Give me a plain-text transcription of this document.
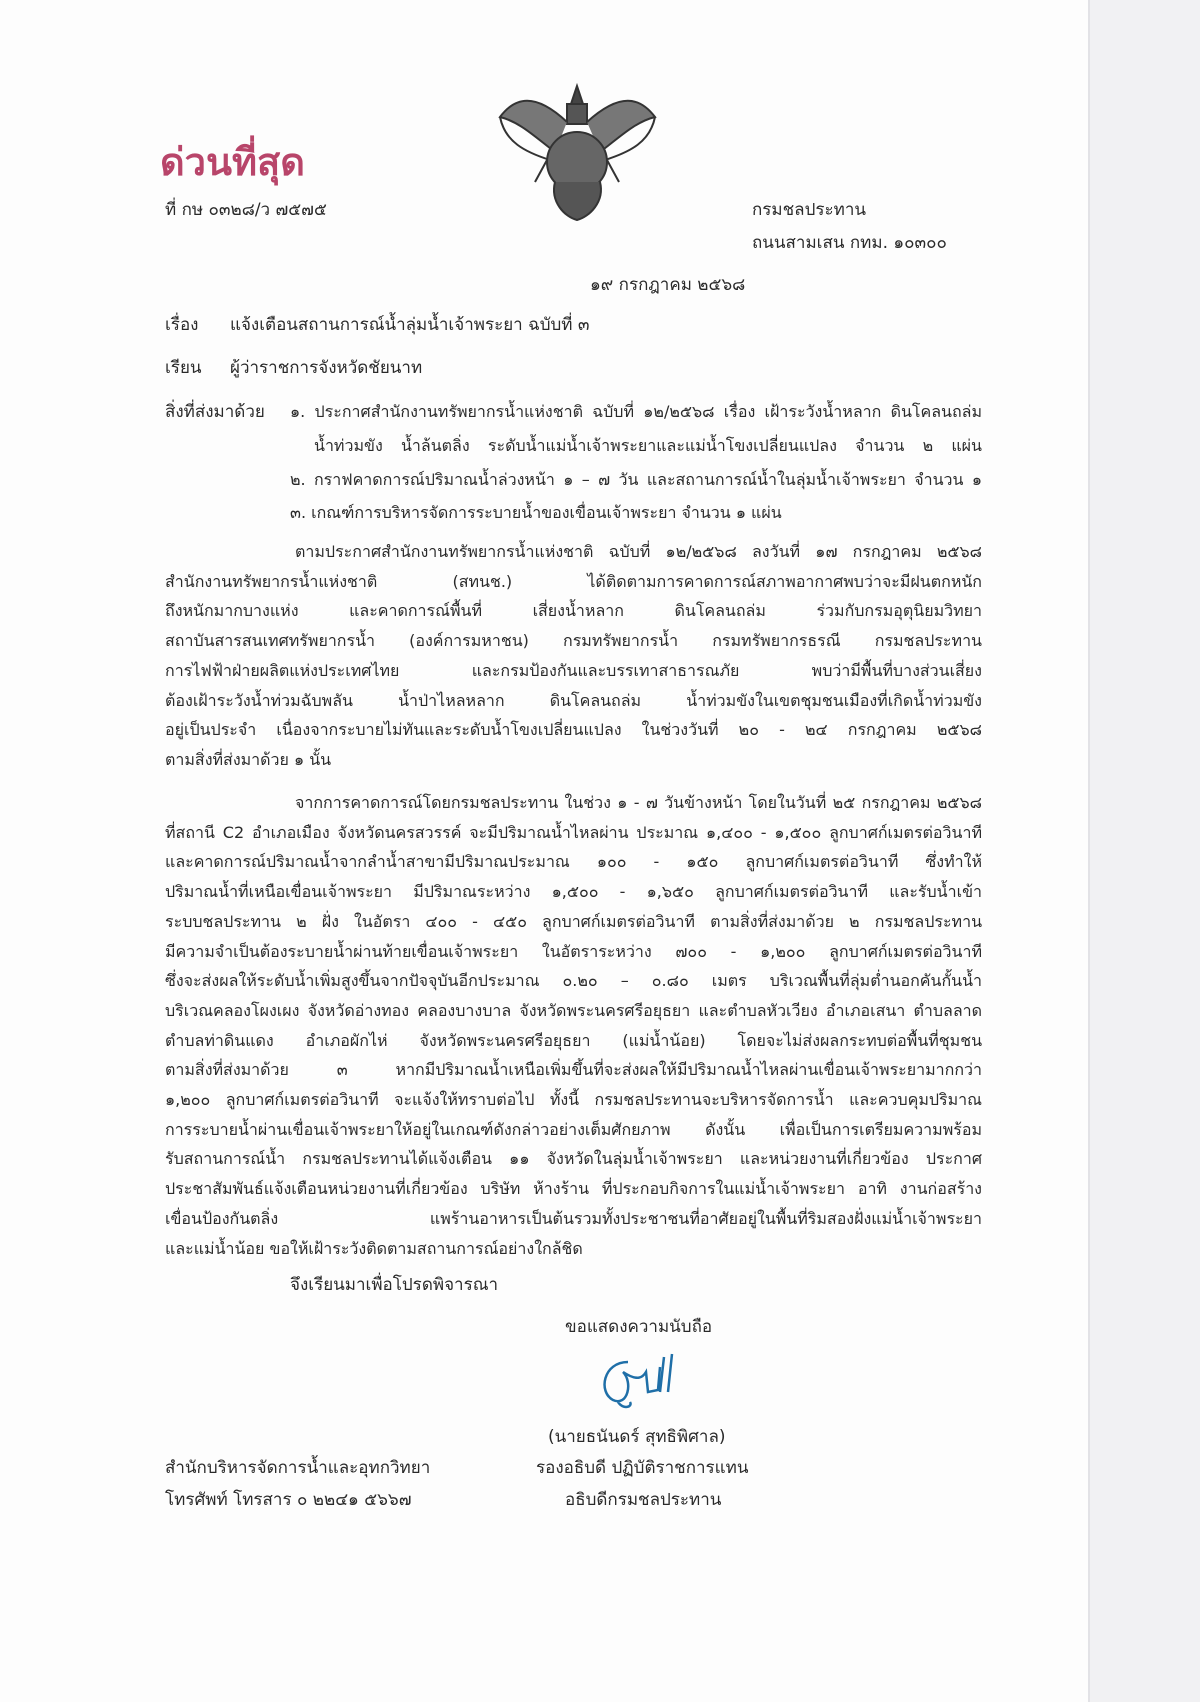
ด่วนที่สุด
ที่ กษ ๐๓๒๘/ว ๗๕๗๕	กรมชลประทาน
ถนนสามเสน กทม. ๑๐๓๐๐
๑๙ กรกฎาคม ๒๕๖๘
เรื่อง แจ้งเตือนสถานการณ์น้ำลุ่มน้ำเจ้าพระยา ฉบับที่ ๓
เรียน ผู้ว่าราชการจังหวัดชัยนาท
สิ่งที่ส่งมาด้วย ๑. ประกาศสำนักงานทรัพยากรน้ำแห่งชาติ ฉบับที่ ๑๒/๒๕๖๘ เรื่อง เฝ้าระวังน้ำหลาก ดินโคลนถล่ม
น้ำท่วมขัง น้ำล้นตลิ่ง ระดับน้ำแม่น้ำเจ้าพระยาและแม่น้ำโขงเปลี่ยนแปลง จำนวน ๒ แผ่น
๒. กราฟคาดการณ์ปริมาณน้ำล่วงหน้า ๑ – ๗ วัน และสถานการณ์น้ำในลุ่มน้ำเจ้าพระยา จำนวน ๑
๓. เกณฑ์การบริหารจัดการระบายน้ำของเขื่อนเจ้าพระยา จำนวน ๑ แผ่น
ตามประกาศสำนักงานทรัพยากรน้ำแห่งชาติ ฉบับที่ ๑๒/๒๕๖๘ ลงวันที่ ๑๗ กรกฎาคม ๒๕๖๘
สำนักงานทรัพยากรน้ำแห่งชาติ (สทนช.) ได้ติดตามการคาดการณ์สภาพอากาศพบว่าจะมีฝนตกหนัก
ถึงหนักมากบางแห่ง และคาดการณ์พื้นที่ เสี่ยงน้ำหลาก ดินโคลนถล่ม ร่วมกับกรมอุตุนิยมวิทยา
สถาบันสารสนเทศทรัพยากรน้ำ (องค์การมหาชน) กรมทรัพยากรน้ำ กรมทรัพยากรธรณี กรมชลประทาน
การไฟฟ้าฝ่ายผลิตแห่งประเทศไทย และกรมป้องกันและบรรเทาสาธารณภัย พบว่ามีพื้นที่บางส่วนเสี่ยง
ต้องเฝ้าระวังน้ำท่วมฉับพลัน น้ำป่าไหลหลาก ดินโคลนถล่ม น้ำท่วมขังในเขตชุมชนเมืองที่เกิดน้ำท่วมขัง
อยู่เป็นประจำ เนื่องจากระบายไม่ทันและระดับน้ำโขงเปลี่ยนแปลง ในช่วงวันที่ ๒๐ - ๒๔ กรกฎาคม ๒๕๖๘
ตามสิ่งที่ส่งมาด้วย ๑ นั้น
จากการคาดการณ์โดยกรมชลประทาน ในช่วง ๑ - ๗ วันข้างหน้า โดยในวันที่ ๒๕ กรกฎาคม ๒๕๖๘
ที่สถานี C2 อำเภอเมือง จังหวัดนครสวรรค์ จะมีปริมาณน้ำไหลผ่าน ประมาณ ๑,๔๐๐ - ๑,๕๐๐ ลูกบาศก์เมตรต่อวินาที
และคาดการณ์ปริมาณน้ำจากลำน้ำสาขามีปริมาณประมาณ ๑๐๐ - ๑๕๐ ลูกบาศก์เมตรต่อวินาที ซึ่งทำให้
ปริมาณน้ำที่เหนือเขื่อนเจ้าพระยา มีปริมาณระหว่าง ๑,๕๐๐ - ๑,๖๕๐ ลูกบาศก์เมตรต่อวินาที และรับน้ำเข้า
ระบบชลประทาน ๒ ฝั่ง ในอัตรา ๔๐๐ - ๔๕๐ ลูกบาศก์เมตรต่อวินาที ตามสิ่งที่ส่งมาด้วย ๒ กรมชลประทาน
มีความจำเป็นต้องระบายน้ำผ่านท้ายเขื่อนเจ้าพระยา ในอัตราระหว่าง ๗๐๐ - ๑,๒๐๐ ลูกบาศก์เมตรต่อวินาที
ซึ่งจะส่งผลให้ระดับน้ำเพิ่มสูงขึ้นจากปัจจุบันอีกประมาณ ๐.๒๐ – ๐.๘๐ เมตร บริเวณพื้นที่ลุ่มต่ำนอกคันกั้นน้ำ
บริเวณคลองโผงเผง จังหวัดอ่างทอง คลองบางบาล จังหวัดพระนครศรีอยุธยา และตำบลหัวเวียง อำเภอเสนา ตำบลลาด
ตำบลท่าดินแดง อำเภอผักไห่ จังหวัดพระนครศรีอยุธยา (แม่น้ำน้อย) โดยจะไม่ส่งผลกระทบต่อพื้นที่ชุมชน
ตามสิ่งที่ส่งมาด้วย ๓ หากมีปริมาณน้ำเหนือเพิ่มขึ้นที่จะส่งผลให้มีปริมาณน้ำไหลผ่านเขื่อนเจ้าพระยามากกว่า
๑,๒๐๐ ลูกบาศก์เมตรต่อวินาที จะแจ้งให้ทราบต่อไป ทั้งนี้ กรมชลประทานจะบริหารจัดการน้ำ และควบคุมปริมาณ
การระบายน้ำผ่านเขื่อนเจ้าพระยาให้อยู่ในเกณฑ์ดังกล่าวอย่างเต็มศักยภาพ ดังนั้น เพื่อเป็นการเตรียมความพร้อม
รับสถานการณ์น้ำ กรมชลประทานได้แจ้งเตือน ๑๑ จังหวัดในลุ่มน้ำเจ้าพระยา และหน่วยงานที่เกี่ยวข้อง ประกาศ
ประชาสัมพันธ์แจ้งเตือนหน่วยงานที่เกี่ยวข้อง บริษัท ห้างร้าน ที่ประกอบกิจการในแม่น้ำเจ้าพระยา อาทิ งานก่อสร้าง
เขื่อนป้องกันตลิ่ง แพร้านอาหารเป็นต้นรวมทั้งประชาชนที่อาศัยอยู่ในพื้นที่ริมสองฝั่งแม่น้ำเจ้าพระยา
และแม่น้ำน้อย ขอให้เฝ้าระวังติดตามสถานการณ์อย่างใกล้ชิด
จึงเรียนมาเพื่อโปรดพิจารณา
ขอแสดงความนับถือ
(นายธนันดร์ สุทธิพิศาล)
รองอธิบดี ปฏิบัติราชการแทน
อธิบดีกรมชลประทาน
สำนักบริหารจัดการน้ำและอุทกวิทยา
โทรศัพท์ โทรสาร ๐ ๒๒๔๑ ๕๖๖๗
